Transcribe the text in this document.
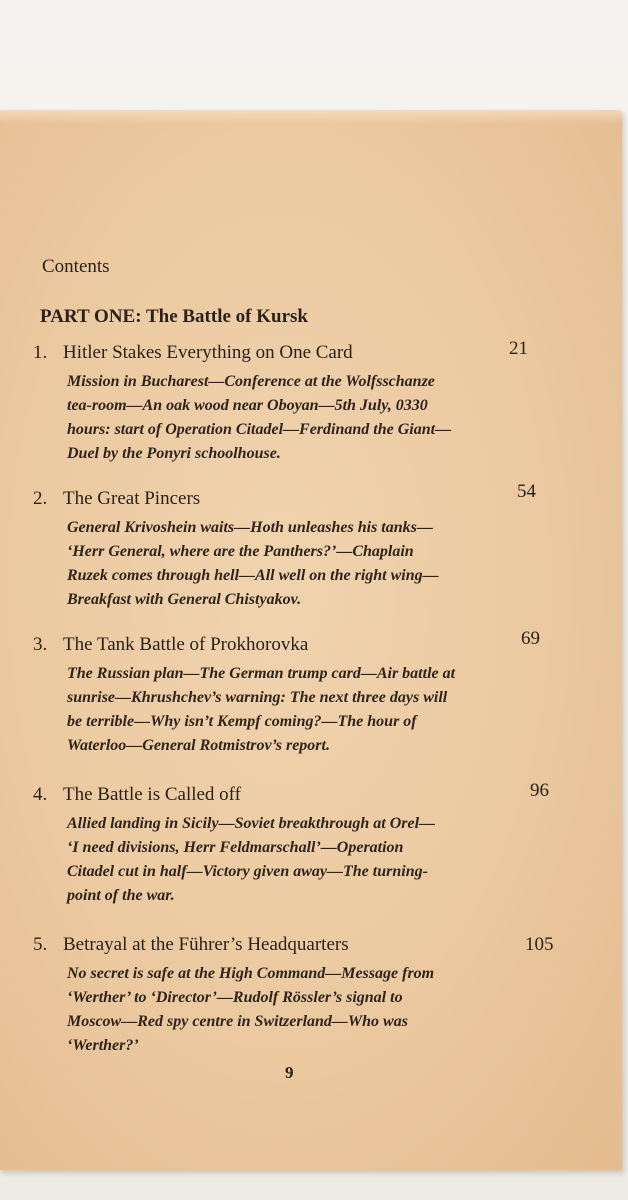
Contents
PART ONE: The Battle of Kursk
1. Hitler Stakes Everything on One Card	21
Mission in Bucharest—Conference at the Wolfsschanze
tea-room—An oak wood near Oboyan—5th July, 0330
hours: start of Operation Citadel—Ferdinand the Giant—
Duel by the Ponyri schoolhouse.
2. The Great Pincers	54
General Krivoshein waits—Hoth unleashes his tanks—
‘Herr General, where are the Panthers?’—Chaplain
Ruzek comes through hell—All well on the right wing—
Breakfast with General Chistyakov.
3. The Tank Battle of Prokhorovka	69
The Russian plan—The German trump card—Air battle at
sunrise—Khrushchev’s warning: The next three days will
be terrible—Why isn’t Kempf coming?—The hour of
Waterloo—General Rotmistrov’s report.
4. The Battle is Called off	96
Allied landing in Sicily—Soviet breakthrough at Orel—
‘I need divisions, Herr Feldmarschall’—Operation
Citadel cut in half—Victory given away—The turning-
point of the war.
5. Betrayal at the Führer’s Headquarters	105
No secret is safe at the High Command—Message from
‘Werther’ to ‘Director’—Rudolf Rössler’s signal to
Moscow—Red spy centre in Switzerland—Who was
‘Werther?’
9
